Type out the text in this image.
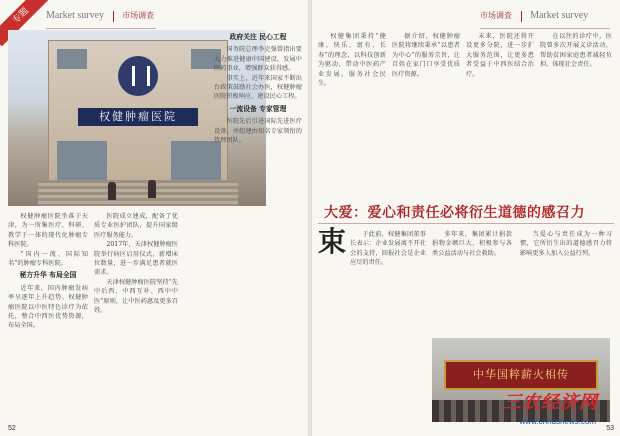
专题	Market survey 市场调查
权健肿瘤医院

权健肿瘤医院坐落于天津，为一所集医疗、科研、教学于一体的现代化肿瘤专科医院。

“国内一流、国际知名”的肿瘤专科医院。

秘方升华 布局全国

近年来，国内肿瘤发病率呈逐年上升趋势。权健肿瘤医院以中医特色诊疗为依托，整合中西医优势资源，布局全国。

医院成立建成，配备了优质专业医护团队，提升国家级医疗服务能力。

2017年，天津权健肿瘤医院举行病区启用仪式，新增床位数量，进一步满足患者就医需求。

天津权健肿瘤医院坚持“先中后西、中西互补、西中中医”原则，让中医药惠及更多百姓。

政府关注 民心工程

国务院总理李克强曾指出要大力推进健康中国建设，发展中医药事业，增强群众获得感。

事实上，近年来国家不断出台政策鼓励社会办医，权健肿瘤医院积极响应，建设民心工程。

一流设备 专家管理

医院先后引进国际先进医疗设备，并组建由知名专家领衔的管理团队。

52
市场调查 Market survey

权健集团秉持“健康、快乐、富有、长寿”的理念，以科技创新为驱动，带动中医药产业发展，服务社会民生。

据介绍，权健肿瘤医院将继续秉承“以患者为中心”的服务宗旨，让百姓在家门口享受优质医疗资源。

未来，医院还将开设更多分院，进一步扩大服务范围，让更多患者受益于中西医结合治疗。

在以往的诊疗中，医院曾多次开展义诊活动，帮助贫困家庭患者减轻负担，体现社会责任。

大爱：爱心和责任必将衍生道德的感召力
束	于此前，权健集团董事长表示：企业发展离不开社会的支持，回报社会是企业应尽的责任。

多年来，集团累计捐款捐物金额巨大，积极参与各类公益活动与社会救助。

当爱心与责任成为一种习惯，它所衍生出的道德感召力将影响更多人加入公益行列。

中华国粹薪火相传
53
三农经济网
www.chndsnews.com
